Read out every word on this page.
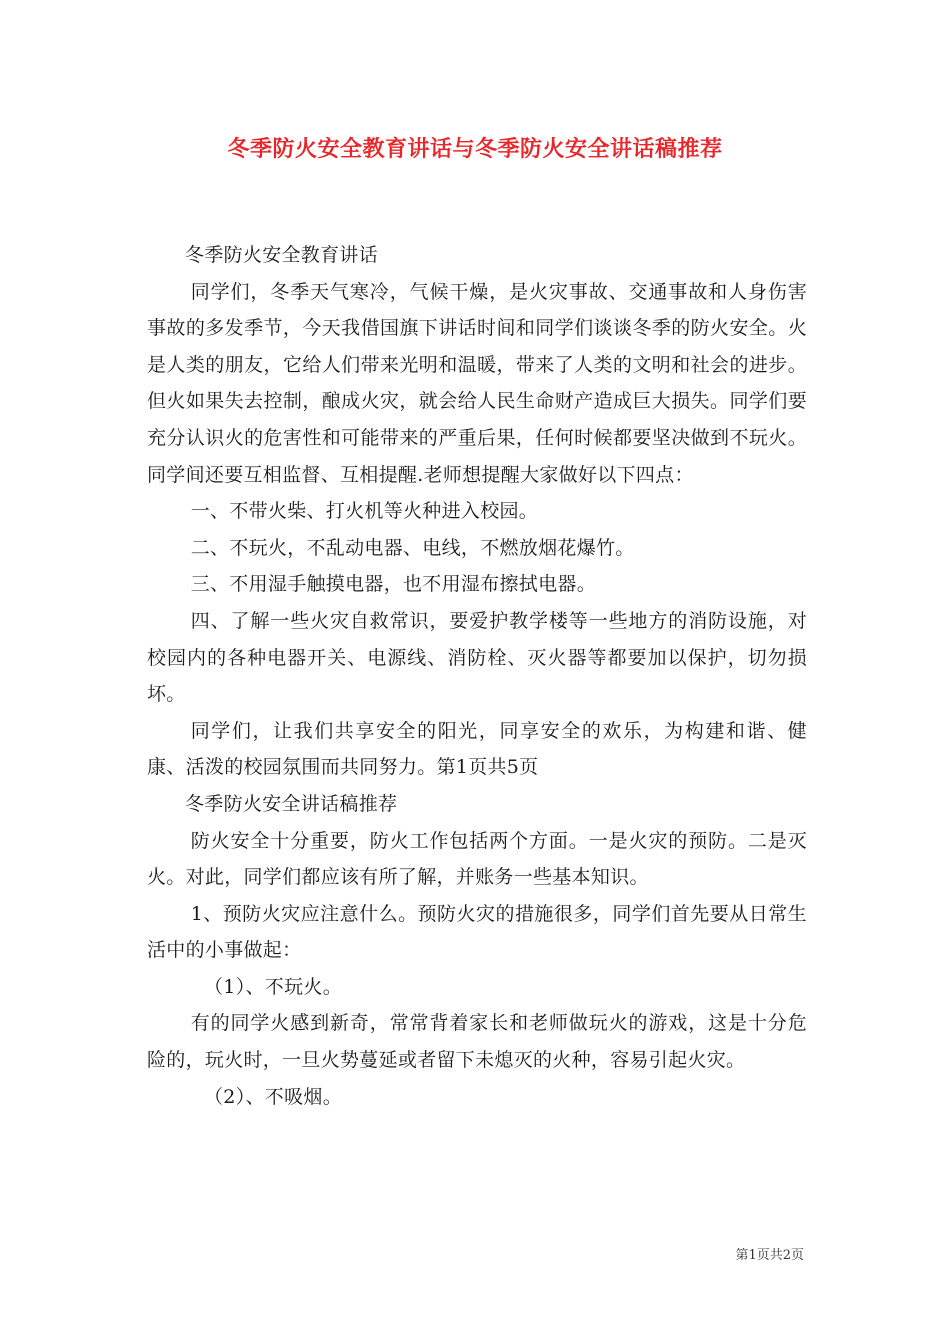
冬季防火安全教育讲话与冬季防火安全讲话稿推荐

冬季防火安全教育讲话

同学们，冬季天气寒冷，气候干燥，是火灾事故、交通事故和人身伤害事故的多发季节，今天我借国旗下讲话时间和同学们谈谈冬季的防火安全。火是人类的朋友，它给人们带来光明和温暖，带来了人类的文明和社会的进步。但火如果失去控制，酿成火灾，就会给人民生命财产造成巨大损失。同学们要充分认识火的危害性和可能带来的严重后果，任何时候都要坚决做到不玩火。同学间还要互相监督、互相提醒.老师想提醒大家做好以下四点：

一、不带火柴、打火机等火种进入校园。

二、不玩火，不乱动电器、电线，不燃放烟花爆竹。

三、不用湿手触摸电器，也不用湿布擦拭电器。

四、了解一些火灾自救常识，要爱护教学楼等一些地方的消防设施，对校园内的各种电器开关、电源线、消防栓、灭火器等都要加以保护，切勿损坏。

同学们，让我们共享安全的阳光，同享安全的欢乐，为构建和谐、健康、活泼的校园氛围而共同努力。第1页共5页

冬季防火安全讲话稿推荐

防火安全十分重要，防火工作包括两个方面。一是火灾的预防。二是灭火。对此，同学们都应该有所了解，并账务一些基本知识。

1、预防火灾应注意什么。预防火灾的措施很多，同学们首先要从日常生活中的小事做起：

（1）、不玩火。

有的同学火感到新奇，常常背着家长和老师做玩火的游戏，这是十分危险的，玩火时，一旦火势蔓延或者留下未熄灭的火种，容易引起火灾。

（2）、不吸烟。

第1页共2页
